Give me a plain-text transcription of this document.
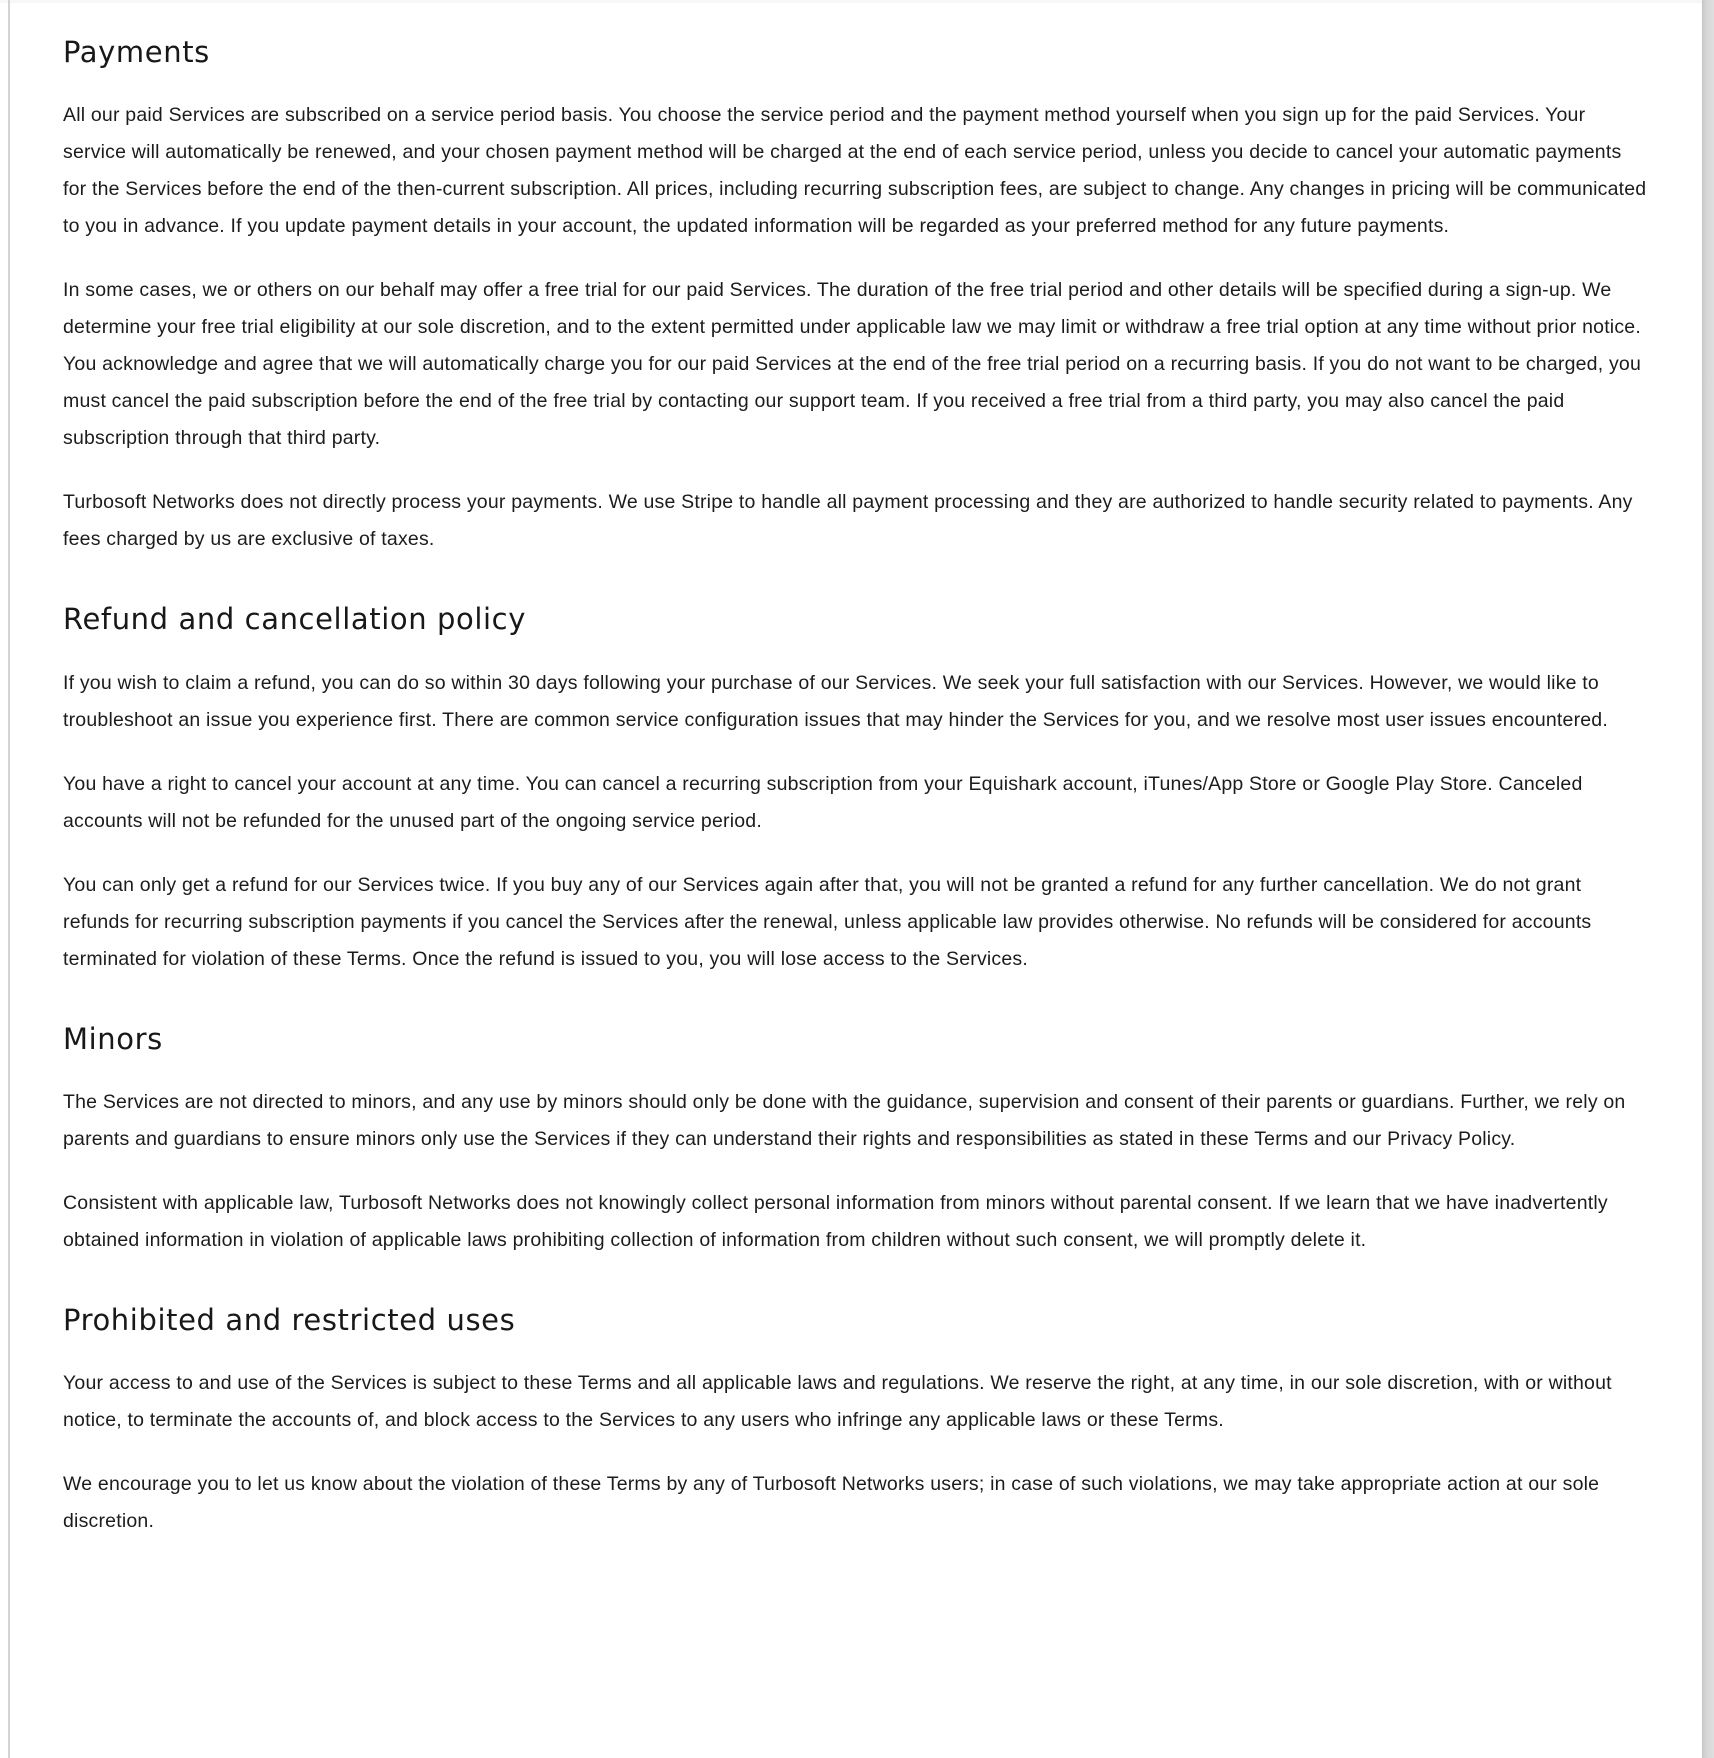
Payments

All our paid Services are subscribed on a service period basis. You choose the service period and the payment method yourself when you sign up for the paid Services. Your service will automatically be renewed, and your chosen payment method will be charged at the end of each service period, unless you decide to cancel your automatic payments for the Services before the end of the then-current subscription. All prices, including recurring subscription fees, are subject to change. Any changes in pricing will be communicated to you in advance. If you update payment details in your account, the updated information will be regarded as your preferred method for any future payments.

In some cases, we or others on our behalf may offer a free trial for our paid Services. The duration of the free trial period and other details will be specified during a sign-up. We determine your free trial eligibility at our sole discretion, and to the extent permitted under applicable law we may limit or withdraw a free trial option at any time without prior notice. You acknowledge and agree that we will automatically charge you for our paid Services at the end of the free trial period on a recurring basis. If you do not want to be charged, you must cancel the paid subscription before the end of the free trial by contacting our support team. If you received a free trial from a third party, you may also cancel the paid subscription through that third party.

Turbosoft Networks does not directly process your payments. We use Stripe to handle all payment processing and they are authorized to handle security related to payments. Any fees charged by us are exclusive of taxes.

Refund and cancellation policy

If you wish to claim a refund, you can do so within 30 days following your purchase of our Services. We seek your full satisfaction with our Services. However, we would like to troubleshoot an issue you experience first. There are common service configuration issues that may hinder the Services for you, and we resolve most user issues encountered.

You have a right to cancel your account at any time. You can cancel a recurring subscription from your Equishark account, iTunes/App Store or Google Play Store. Canceled accounts will not be refunded for the unused part of the ongoing service period.

You can only get a refund for our Services twice. If you buy any of our Services again after that, you will not be granted a refund for any further cancellation. We do not grant refunds for recurring subscription payments if you cancel the Services after the renewal, unless applicable law provides otherwise. No refunds will be considered for accounts terminated for violation of these Terms. Once the refund is issued to you, you will lose access to the Services.

Minors

The Services are not directed to minors, and any use by minors should only be done with the guidance, supervision and consent of their parents or guardians. Further, we rely on parents and guardians to ensure minors only use the Services if they can understand their rights and responsibilities as stated in these Terms and our Privacy Policy.

Consistent with applicable law, Turbosoft Networks does not knowingly collect personal information from minors without parental consent. If we learn that we have inadvertently obtained information in violation of applicable laws prohibiting collection of information from children without such consent, we will promptly delete it.

Prohibited and restricted uses

Your access to and use of the Services is subject to these Terms and all applicable laws and regulations. We reserve the right, at any time, in our sole discretion, with or without notice, to terminate the accounts of, and block access to the Services to any users who infringe any applicable laws or these Terms.

We encourage you to let us know about the violation of these Terms by any of Turbosoft Networks users; in case of such violations, we may take appropriate action at our sole discretion.
